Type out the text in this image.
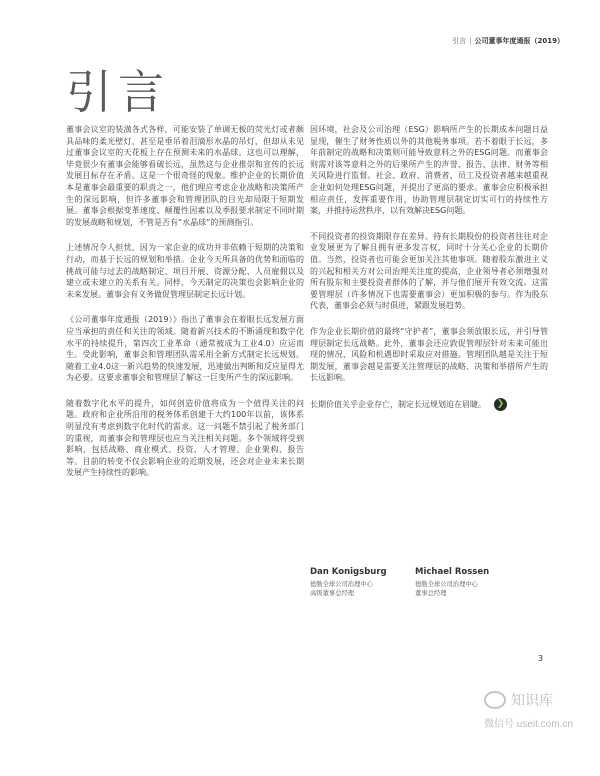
引言 | 公司董事年度通报（2019）
引言

董事会议室的装潢各式各样，可能安装了单调无板的荧光灯或者颇具品味的柔光壁灯，甚至是垂吊着泪滴形水晶的吊灯，但却从未见过董事会议室的天花板上存在预测未来的水晶球。这也可以理解，毕竟很少有董事会能够看破长远，虽然这与企业推崇和宣传的长远发展目标存在矛盾。这是一个很奇怪的现象。维护企业的长期价值本是董事会最重要的职责之一，他们理应考虑企业战略和决策所产生的深远影响，但许多董事会和管理团队的目光却局限于短期发展。董事会根据变革速度、颠覆性因素以及季报要求制定不同时期的发展战略和规划，不管是否有“水晶球”的预测指引。

上述情况令人担忧，因为一家企业的成功并非依赖于短期的决策和行动，而基于长远的规划和举措。企业今天所具备的优势和面临的挑战可能与过去的战略制定、项目开展、资源分配、人员雇佣以及建立或未建立的关系有关。同样，今天制定的决策也会影响企业的未来发展。董事会有义务做促管理层制定长远计划。

《公司董事年度通报（2019）》指出了董事会在着眼长远发展方面应当承担的责任和关注的领域。随着新兴技术的不断涌现和数字化水平的持续提升，第四次工业革命（通常被成为工业4.0）应运而生。受此影响，董事会和管理团队需采用全新方式制定长远规划。随着工业4.0这一新兴趋势的快速发展，迅速做出判断和反应显得尤为必要。这要求董事会和管理层了解这一巨变所产生的深远影响。

随着数字化水平的提升，如何创造价值将成为一个值得关注的问题。政府和企业所沿用的税务体系创建于大约100年以前，该体系明显没有考虑到数字化时代的需求。这一问题不禁引起了税务部门的重视，而董事会和管理层也应当关注相关问题。多个领域将受到影响，包括战略、商业模式、投资、人才管理、企业架构、报告等。目前的转变不仅会影响企业的近期发展，还会对企业未来长期发展产生持续性的影响。

因环境，社会及公司治理（ESG）影响所产生的长期成本问题日益显现，催生了财务性质以外的其他税务事项。若不着眼于长远，多年前制定的战略和决策则可能导致意料之外的ESG问题。而董事会则需对该等意料之外的后果所产生的声誉、报告、法律、财务等相关风险进行监督。社会、政府、消费者、员工及投资者越来越重视企业如何处理ESG问题，并提出了更高的要求。董事会应积极承担相应责任，发挥重要作用，协助管理层制定切实可行的持续性方案，并推持运营秩序，以有效解决ESG问题。

不同投资者的投资期限存在差异。持有长期股份的投资者往往对企业发展更为了解且拥有更多发言权，同时十分关心企业的长期价值。当然，投资者也可能会更加关注其他事项。随着股东激进主义的兴起和相关方对公司治理关注度的提高，企业领导者必须增强对所有股东和主要投资者群体的了解，并与他们展开有效交流。这需要管理层（许多情况下也需要董事会）更加积极的参与。作为股东代表，董事会必须与时俱进，紧跟发展趋势。

作为企业长期价值的最终“守护者”，董事会须放眼长远，并引导管理层制定长远战略。此外，董事会还应敦促管理层针对未来可能出现的情况、风险和机遇即时采取应对措施。管理团队越是关注于短期发展，董事会越是需要关注管理层的战略、决策和举措所产生的长远影响。

长期价值关乎企业存亡，制定长远规划迫在眉睫。	❯
Dan Konigsburg
德勤全球公司治理中心
高级董事总经理
Michael Rossen
德勤全球公司治理中心
董事总经理
3
知识库
微信号 useit.com.cn
